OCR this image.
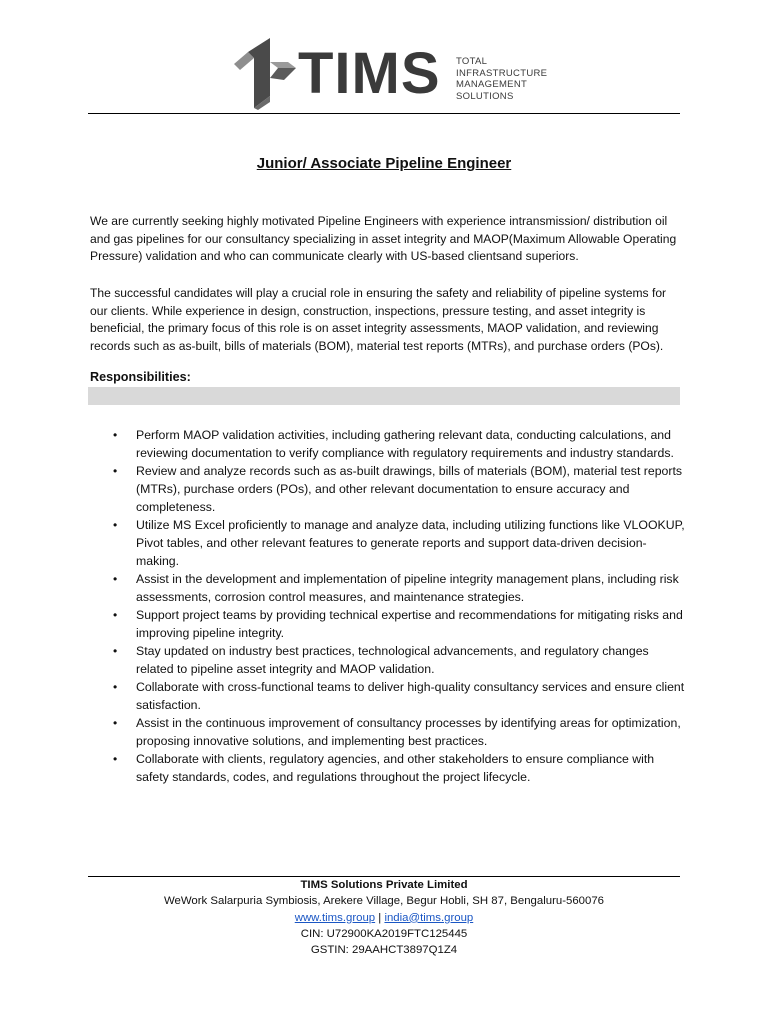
TIMS TOTAL
INFRASTRUCTURE
MANAGEMENT
SOLUTIONS
Junior/ Associate Pipeline Engineer
We are currently seeking highly motivated Pipeline Engineers with experience intransmission/ distribution oil and gas pipelines for our consultancy specializing in asset integrity and MAOP(Maximum Allowable Operating Pressure) validation and who can communicate clearly with US-based clientsand superiors.
The successful candidates will play a crucial role in ensuring the safety and reliability of pipeline systems for our clients. While experience in design, construction, inspections, pressure testing, and asset integrity is beneficial, the primary focus of this role is on asset integrity assessments, MAOP validation, and reviewing records such as as-built, bills of materials (BOM), material test reports (MTRs), and purchase orders (POs).
Responsibilities:
• Perform MAOP validation activities, including gathering relevant data, conducting calculations, and reviewing documentation to verify compliance with regulatory requirements and industry standards.
• Review and analyze records such as as-built drawings, bills of materials (BOM), material test reports (MTRs), purchase orders (POs), and other relevant documentation to ensure accuracy and completeness.
• Utilize MS Excel proficiently to manage and analyze data, including utilizing functions like VLOOKUP, Pivot tables, and other relevant features to generate reports and support data-driven decision-making.
• Assist in the development and implementation of pipeline integrity management plans, including risk assessments, corrosion control measures, and maintenance strategies.
• Support project teams by providing technical expertise and recommendations for mitigating risks and improving pipeline integrity.
• Stay updated on industry best practices, technological advancements, and regulatory changes related to pipeline asset integrity and MAOP validation.
• Collaborate with cross-functional teams to deliver high-quality consultancy services and ensure client satisfaction.
• Assist in the continuous improvement of consultancy processes by identifying areas for optimization, proposing innovative solutions, and implementing best practices.
• Collaborate with clients, regulatory agencies, and other stakeholders to ensure compliance with safety standards, codes, and regulations throughout the project lifecycle.
TIMS Solutions Private Limited
WeWork Salarpuria Symbiosis, Arekere Village, Begur Hobli, SH 87, Bengaluru-560076
www.tims.group | india@tims.group
CIN: U72900KA2019FTC125445
GSTIN: 29AAHCT3897Q1Z4
